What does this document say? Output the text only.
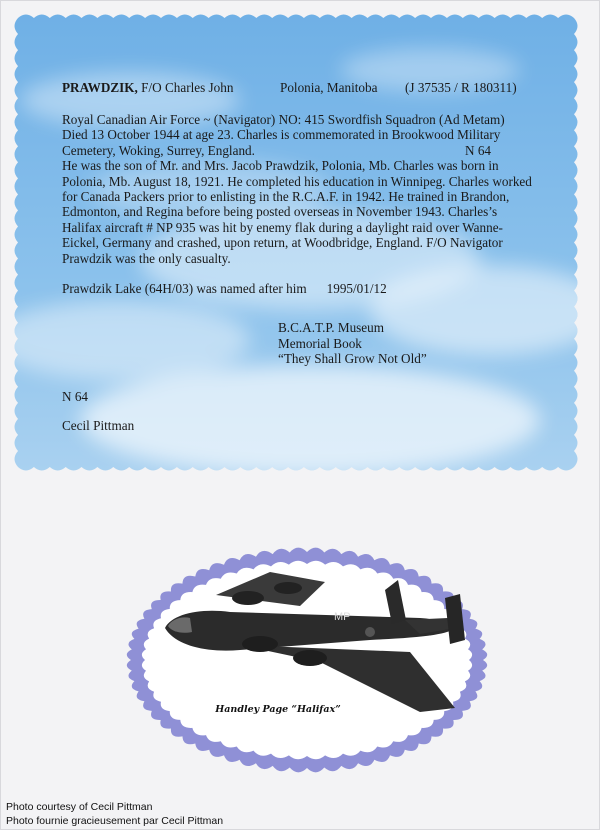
PRAWDZIK, F/O Charles John	Polonia, Manitoba (J 37535 / R 180311)
Royal Canadian Air Force ~ (Navigator) NO: 415 Swordfish Squadron (Ad Metam)
Died 13 October 1944 at age 23. Charles is commemorated in Brookwood Military
Cemetery, Woking, Surrey, England.	N 64
He was the son of Mr. and Mrs. Jacob Prawdzik, Polonia, Mb. Charles was born in
Polonia, Mb. August 18, 1921. He completed his education in Winnipeg. Charles worked
for Canada Packers prior to enlisting in the R.C.A.F. in 1942. He trained in Brandon,
Edmonton, and Regina before being posted overseas in November 1943. Charles’s
Halifax aircraft # NP 935 was hit by enemy flak during a daylight raid over Wanne-
Eickel, Germany and crashed, upon return, at Woodbridge, England. F/O Navigator
Prawdzik was the only casualty.
Prawdzik Lake (64H/03) was named after him 1995/01/12
B.C.A.T.P. Museum
Memorial Book
“They Shall Grow Not Old”
N 64
Cecil Pittman
MP
Handley Page “Halifax”
Photo courtesy of Cecil Pittman
Photo fournie gracieusement par Cecil Pittman
